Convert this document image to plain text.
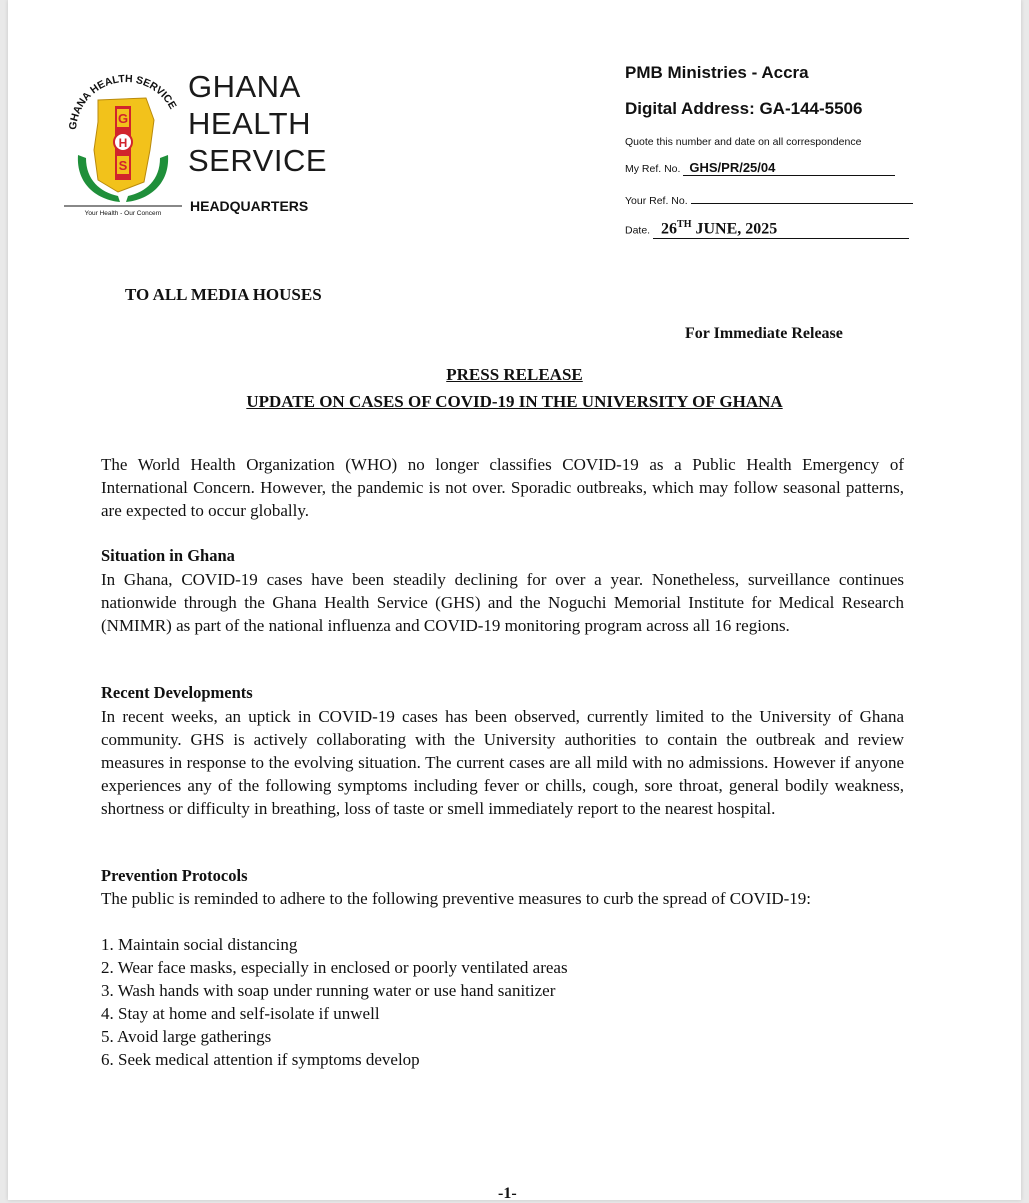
GHANA HEALTH SERVICE
G
H
S
Your Health - Our Concern
GHANA
HEALTH
SERVICE
HEADQUARTERS
PMB Ministries - Accra
Digital Address: GA-144-5506
Quote this number and date on all correspondence
My Ref. No. GHS/PR/25/04
Your Ref. No.
Date. 26TH JUNE, 2025
TO ALL MEDIA HOUSES
For Immediate Release
PRESS RELEASE
UPDATE ON CASES OF COVID-19 IN THE UNIVERSITY OF GHANA
The World Health Organization (WHO) no longer classifies COVID-19 as a Public Health Emergency of International Concern. However, the pandemic is not over. Sporadic outbreaks, which may follow seasonal patterns, are expected to occur globally.
Situation in Ghana
In Ghana, COVID-19 cases have been steadily declining for over a year. Nonetheless, surveillance continues nationwide through the Ghana Health Service (GHS) and the Noguchi Memorial Institute for Medical Research (NMIMR) as part of the national influenza and COVID-19 monitoring program across all 16 regions.
Recent Developments
In recent weeks, an uptick in COVID-19 cases has been observed, currently limited to the University of Ghana community. GHS is actively collaborating with the University authorities to contain the outbreak and review measures in response to the evolving situation. The current cases are all mild with no admissions. However if anyone experiences any of the following symptoms including fever or chills, cough, sore throat, general bodily weakness, shortness or difficulty in breathing, loss of taste or smell immediately report to the nearest hospital.
Prevention Protocols
The public is reminded to adhere to the following preventive measures to curb the spread of COVID-19:
1. Maintain social distancing
2. Wear face masks, especially in enclosed or poorly ventilated areas
3. Wash hands with soap under running water or use hand sanitizer
4. Stay at home and self-isolate if unwell
5. Avoid large gatherings
6. Seek medical attention if symptoms develop
-1-
